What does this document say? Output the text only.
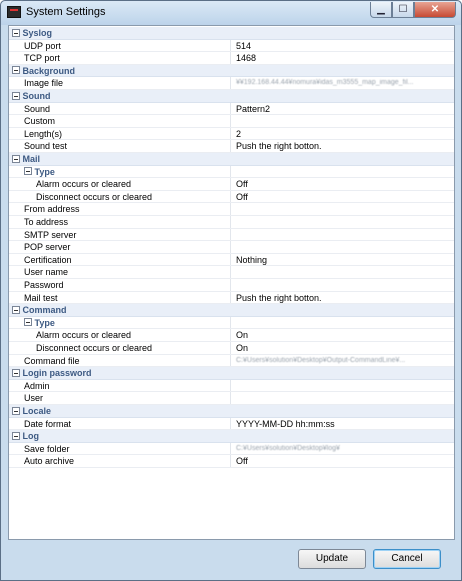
System Settings	▁	☐	✕
Syslog
UDP port	514
TCP port	1468
Background
Image file	¥¥192.168.44.44¥nomura¥idas_m3555_map_image_fil...
Sound
Sound	Pattern2
Custom
Length(s)	2
Sound test	Push the right botton.
Mail
Type
Alarm occurs or cleared	Off
Disconnect occurs or cleared	Off
From address
To address
SMTP server
POP server
Certification	Nothing
User name
Password
Mail test	Push the right botton.
Command
Type
Alarm occurs or cleared	On
Disconnect occurs or cleared	On
Command file	C:¥Users¥solution¥Desktop¥Output-CommandLine¥...
Login password
Admin
User
Locale
Date format	YYYY-MM-DD hh:mm:ss
Log
Save folder	C:¥Users¥solution¥Desktop¥log¥
Auto archive	Off
Update	Cancel
